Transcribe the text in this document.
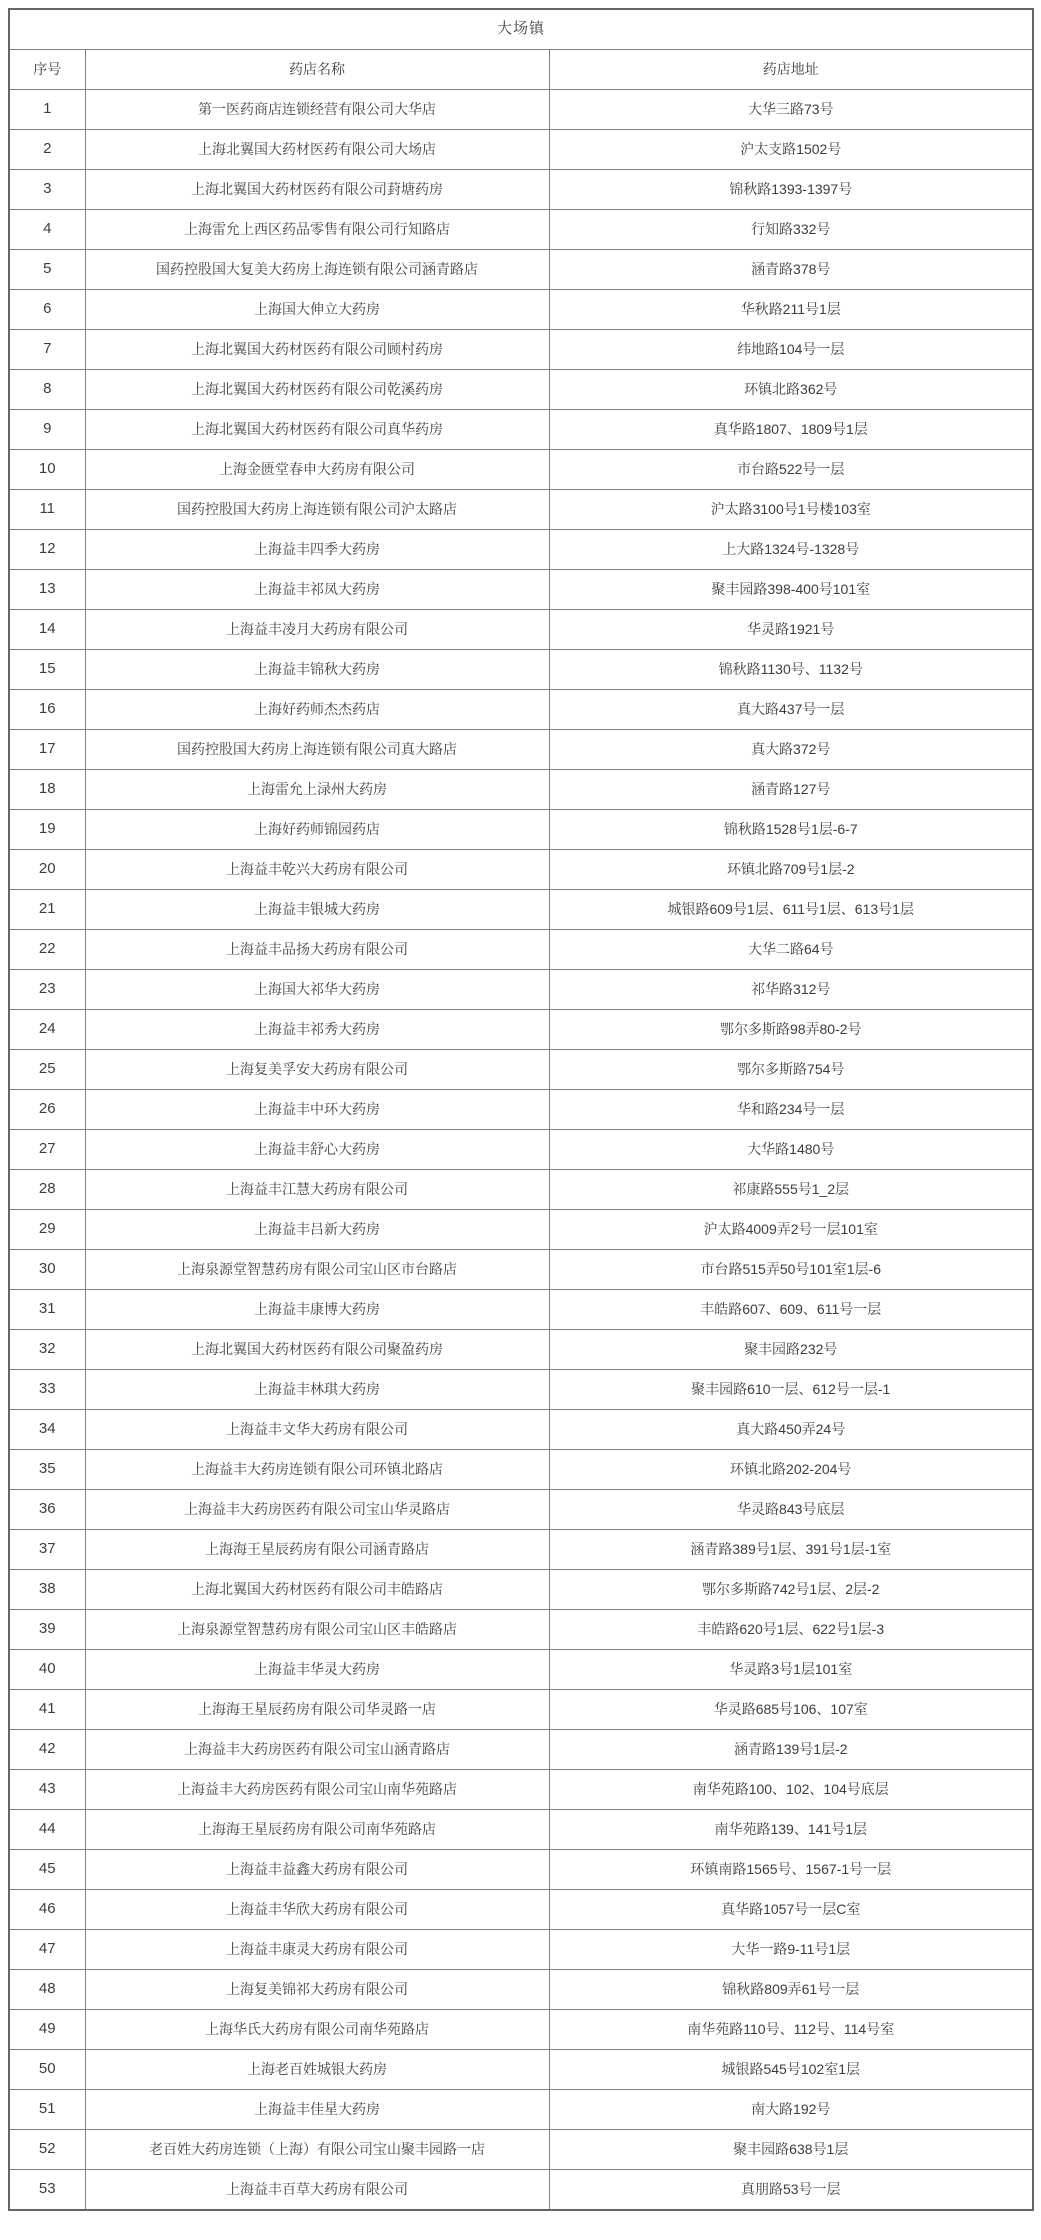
大场镇		
序号	药店名称	药店地址
1	第一医药商店连锁经营有限公司大华店	大华三路73号
2	上海北翼国大药材医药有限公司大场店	沪太支路1502号
3	上海北翼国大药材医药有限公司葑塘药房	锦秋路1393-1397号
4	上海雷允上西区药品零售有限公司行知路店	行知路332号
5	国药控股国大复美大药房上海连锁有限公司涵青路店	涵青路378号
6	上海国大伸立大药房	华秋路211号1层
7	上海北翼国大药材医药有限公司顾村药房	纬地路104号一层
8	上海北翼国大药材医药有限公司乾溪药房	环镇北路362号
9	上海北翼国大药材医药有限公司真华药房	真华路1807、1809号1层
10	上海金匮堂春申大药房有限公司	市台路522号一层
11	国药控股国大药房上海连锁有限公司沪太路店	沪太路3100号1号楼103室
12	上海益丰四季大药房	上大路1324号-1328号
13	上海益丰祁凤大药房	聚丰园路398-400号101室
14	上海益丰凌月大药房有限公司	华灵路1921号
15	上海益丰锦秋大药房	锦秋路1130号、1132号
16	上海好药师杰杰药店	真大路437号一层
17	国药控股国大药房上海连锁有限公司真大路店	真大路372号
18	上海雷允上渌州大药房	涵青路127号
19	上海好药师锦园药店	锦秋路1528号1层-6-7
20	上海益丰乾兴大药房有限公司	环镇北路709号1层-2
21	上海益丰银城大药房	城银路609号1层、611号1层、613号1层
22	上海益丰品扬大药房有限公司	大华二路64号
23	上海国大祁华大药房	祁华路312号
24	上海益丰祁秀大药房	鄂尔多斯路98弄80-2号
25	上海复美孚安大药房有限公司	鄂尔多斯路754号
26	上海益丰中环大药房	华和路234号一层
27	上海益丰舒心大药房	大华路1480号
28	上海益丰江慧大药房有限公司	祁康路555号1_2层
29	上海益丰吕新大药房	沪太路4009弄2号一层101室
30	上海泉源堂智慧药房有限公司宝山区市台路店	市台路515弄50号101室1层-6
31	上海益丰康博大药房	丰皓路607、609、611号一层
32	上海北翼国大药材医药有限公司聚盈药房	聚丰园路232号
33	上海益丰林琪大药房	聚丰园路610一层、612号一层-1
34	上海益丰文华大药房有限公司	真大路450弄24号
35	上海益丰大药房连锁有限公司环镇北路店	环镇北路202-204号
36	上海益丰大药房医药有限公司宝山华灵路店	华灵路843号底层
37	上海海王星辰药房有限公司涵青路店	涵青路389号1层、391号1层-1室
38	上海北翼国大药材医药有限公司丰皓路店	鄂尔多斯路742号1层、2层-2
39	上海泉源堂智慧药房有限公司宝山区丰皓路店	丰皓路620号1层、622号1层-3
40	上海益丰华灵大药房	华灵路3号1层101室
41	上海海王星辰药房有限公司华灵路一店	华灵路685号106、107室
42	上海益丰大药房医药有限公司宝山涵青路店	涵青路139号1层-2
43	上海益丰大药房医药有限公司宝山南华苑路店	南华苑路100、102、104号底层
44	上海海王星辰药房有限公司南华苑路店	南华苑路139、141号1层
45	上海益丰益鑫大药房有限公司	环镇南路1565号、1567-1号一层
46	上海益丰华欣大药房有限公司	真华路1057号一层C室
47	上海益丰康灵大药房有限公司	大华一路9-11号1层
48	上海复美锦祁大药房有限公司	锦秋路809弄61号一层
49	上海华氏大药房有限公司南华苑路店	南华苑路110号、112号、114号室
50	上海老百姓城银大药房	城银路545号102室1层
51	上海益丰佳星大药房	南大路192号
52	老百姓大药房连锁（上海）有限公司宝山聚丰园路一店	聚丰园路638号1层
53	上海益丰百草大药房有限公司	真朋路53号一层
